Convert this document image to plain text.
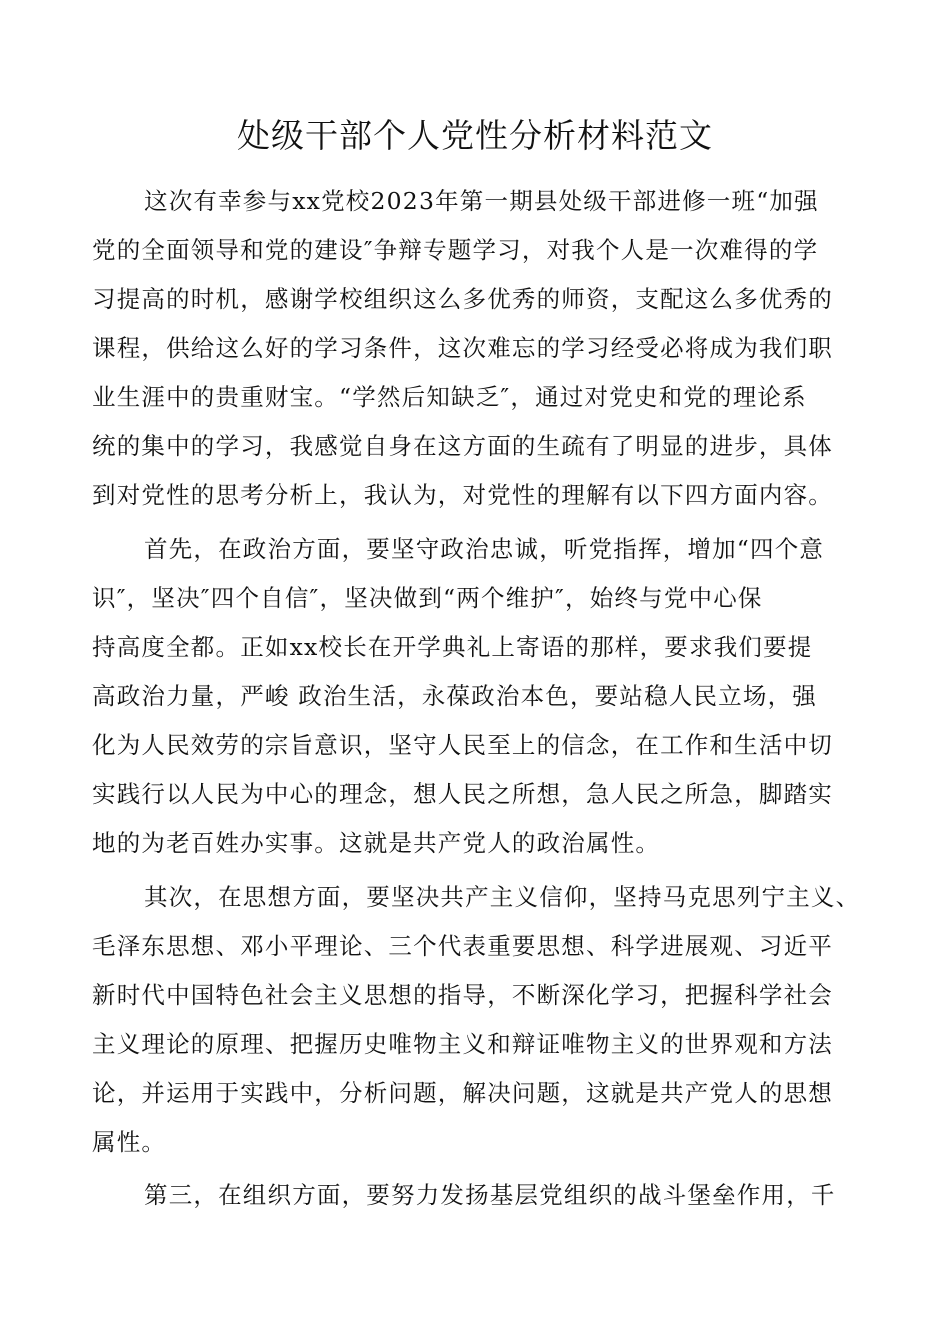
处级干部个人党性分析材料范文
这次有幸参与xx党校2023年第一期县处级干部进修一班“加强
党的全面领导和党的建设″争辩专题学习，对我个人是一次难得的学
习提高的时机，感谢学校组织这么多优秀的师资，支配这么多优秀的
课程，供给这么好的学习条件，这次难忘的学习经受必将成为我们职
业生涯中的贵重财宝。“学然后知缺乏″，通过对党史和党的理论系
统的集中的学习，我感觉自身在这方面的生疏有了明显的进步，具体
到对党性的思考分析上，我认为，对党性的理解有以下四方面内容。
首先，在政治方面，要坚守政治忠诚，听党指挥，增加“四个意
识″，坚决″四个自信″，坚决做到“两个维护″，始终与党中心保
持高度全都。正如xx校长在开学典礼上寄语的那样，要求我们要提
高政治力量，严峻 政治生活，永葆政治本色，要站稳人民立场，强
化为人民效劳的宗旨意识，坚守人民至上的信念，在工作和生活中切
实践行以人民为中心的理念，想人民之所想，急人民之所急，脚踏实
地的为老百姓办实事。这就是共产党人的政治属性。
其次，在思想方面，要坚决共产主义信仰，坚持马克思列宁主义、
毛泽东思想、邓小平理论、三个代表重要思想、科学进展观、习近平
新时代中国特色社会主义思想的指导，不断深化学习，把握科学社会
主义理论的原理、把握历史唯物主义和辩证唯物主义的世界观和方法
论，并运用于实践中，分析问题，解决问题，这就是共产党人的思想
属性。
第三，在组织方面，要努力发扬基层党组织的战斗堡垒作用，千
